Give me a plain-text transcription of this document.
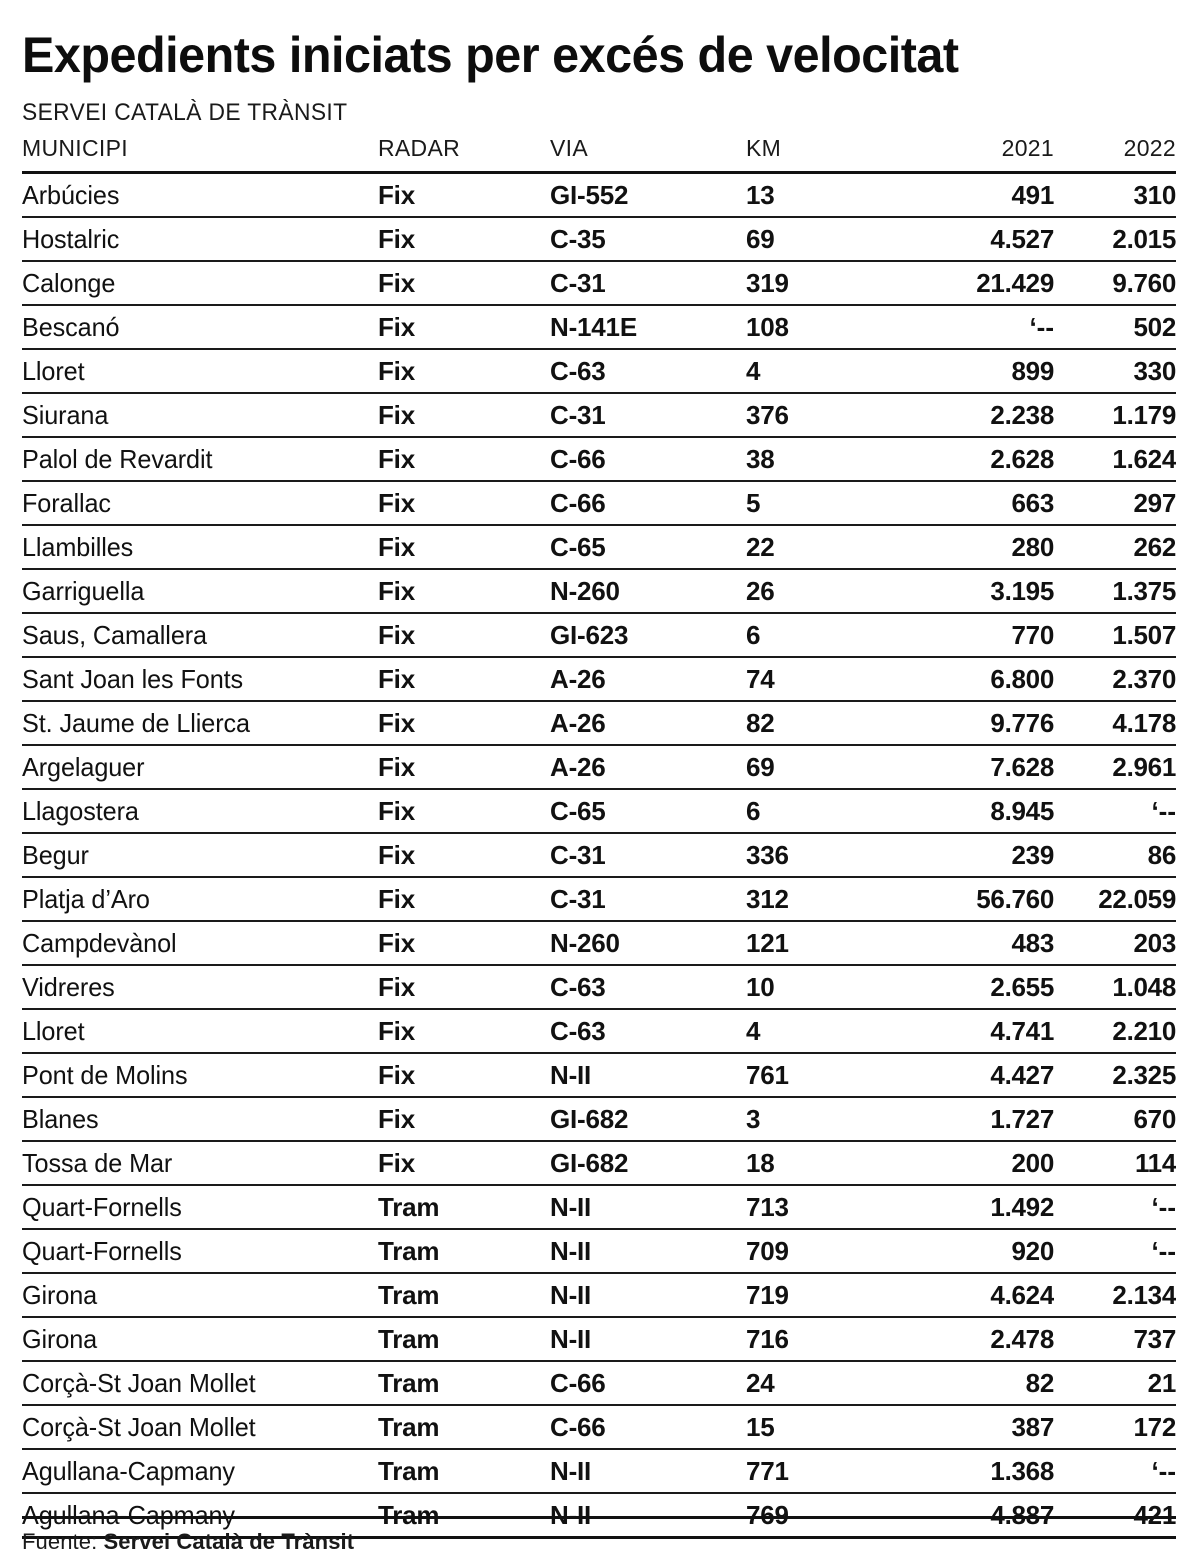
Expedients iniciats per excés de velocitat
SERVEI CATALÀ DE TRÀNSIT
MUNICIPI	RADAR	VIA	KM	2021	2022
Arbúcies	Fix	GI-552	13	491	310
Hostalric	Fix	C-35	69	4.527	2.015
Calonge	Fix	C-31	319	21.429	9.760
Bescanó	Fix	N-141E	108	‘--	502
Lloret	Fix	C-63	4	899	330
Siurana	Fix	C-31	376	2.238	1.179
Palol de Revardit	Fix	C-66	38	2.628	1.624
Forallac	Fix	C-66	5	663	297
Llambilles	Fix	C-65	22	280	262
Garriguella	Fix	N-260	26	3.195	1.375
Saus, Camallera	Fix	GI-623	6	770	1.507
Sant Joan les Fonts	Fix	A-26	74	6.800	2.370
St. Jaume de Llierca	Fix	A-26	82	9.776	4.178
Argelaguer	Fix	A-26	69	7.628	2.961
Llagostera	Fix	C-65	6	8.945	‘--
Begur	Fix	C-31	336	239	86
Platja d’Aro	Fix	C-31	312	56.760	22.059
Campdevànol	Fix	N-260	121	483	203
Vidreres	Fix	C-63	10	2.655	1.048
Lloret	Fix	C-63	4	4.741	2.210
Pont de Molins	Fix	N-II	761	4.427	2.325
Blanes	Fix	GI-682	3	1.727	670
Tossa de Mar	Fix	GI-682	18	200	114
Quart-Fornells	Tram	N-II	713	1.492	‘--
Quart-Fornells	Tram	N-II	709	920	‘--
Girona	Tram	N-II	719	4.624	2.134
Girona	Tram	N-II	716	2.478	737
Corçà-St Joan Mollet	Tram	C-66	24	82	21
Corçà-St Joan Mollet	Tram	C-66	15	387	172
Agullana-Capmany	Tram	N-II	771	1.368	‘--
Agullana-Capmany	Tram	N-II	769	4.887	421
Fuente: Servei Català de Trànsit
